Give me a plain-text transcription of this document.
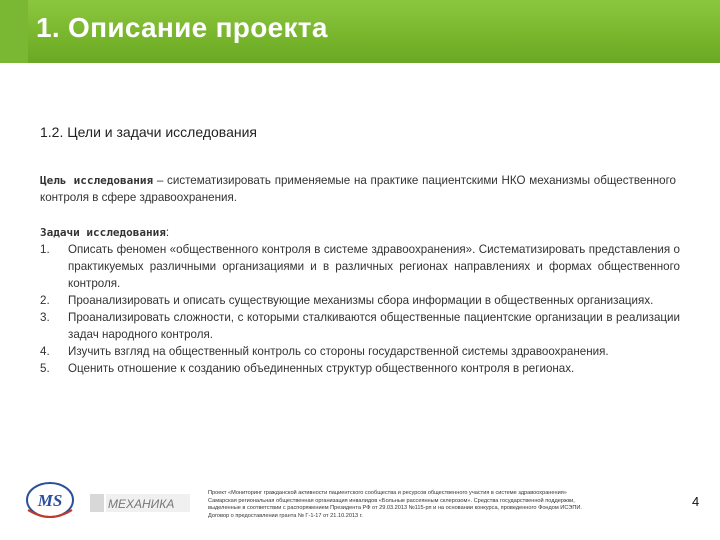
1. Описание проекта
1.2. Цели и задачи исследования
Цель исследования – систематизировать применяемые на практике пациентскими НКО механизмы общественного контроля в сфере здравоохранения.
Задачи исследования:
1. Описать феномен «общественного контроля в системе здравоохранения». Систематизировать представления о практикуемых различными организациями и в различных регионах направлениях и формах общественного контроля.
2. Проанализировать и описать существующие механизмы сбора информации в общественных организациях.
3. Проанализировать сложности, с которыми сталкиваются общественные пациентские организации в реализации задач народного контроля.
4. Изучить взгляд на общественный контроль со стороны государственной системы здравоохранения.
5. Оценить отношение к созданию объединенных структур общественного контроля в регионах.
MS	МЕХАНИКА
Проект «Мониторинг гражданской активности пациентского сообщества и ресурсов общественного участия в системе здравоохранения»
Самарская региональная общественная организация инвалидов «Больные рассеянным склерозом». Средства государственной поддержки,
выделенные в соответствии с распоряжением Президента РФ от 29.03.2013 №115-рп и на основании конкурса, проведенного Фондом ИСЭПИ.
Договор о предоставлении гранта № Г-1-17 от 21.10.2013 г.
4
